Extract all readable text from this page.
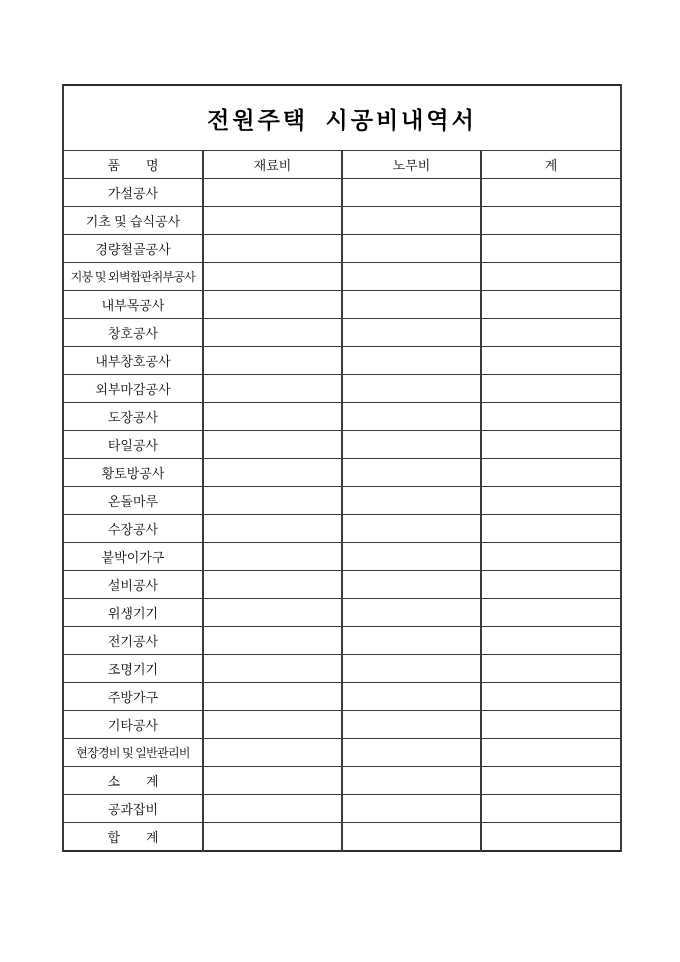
전원주택  시공비내역서			
품        명	재료비	노무비	계
가설공사			
기초 및 습식공사			
경량철골공사			
지붕 및 외벽합판취부공사			
내부목공사			
창호공사			
내부창호공사			
외부마감공사			
도장공사			
타일공사			
황토방공사			
온돌마루			
수장공사			
붙박이가구			
설비공사			
위생기기			
전기공사			
조명기기			
주방가구			
기타공사			
현장경비 및 일반관리비			
소        계			
공과잡비			
합        계			
